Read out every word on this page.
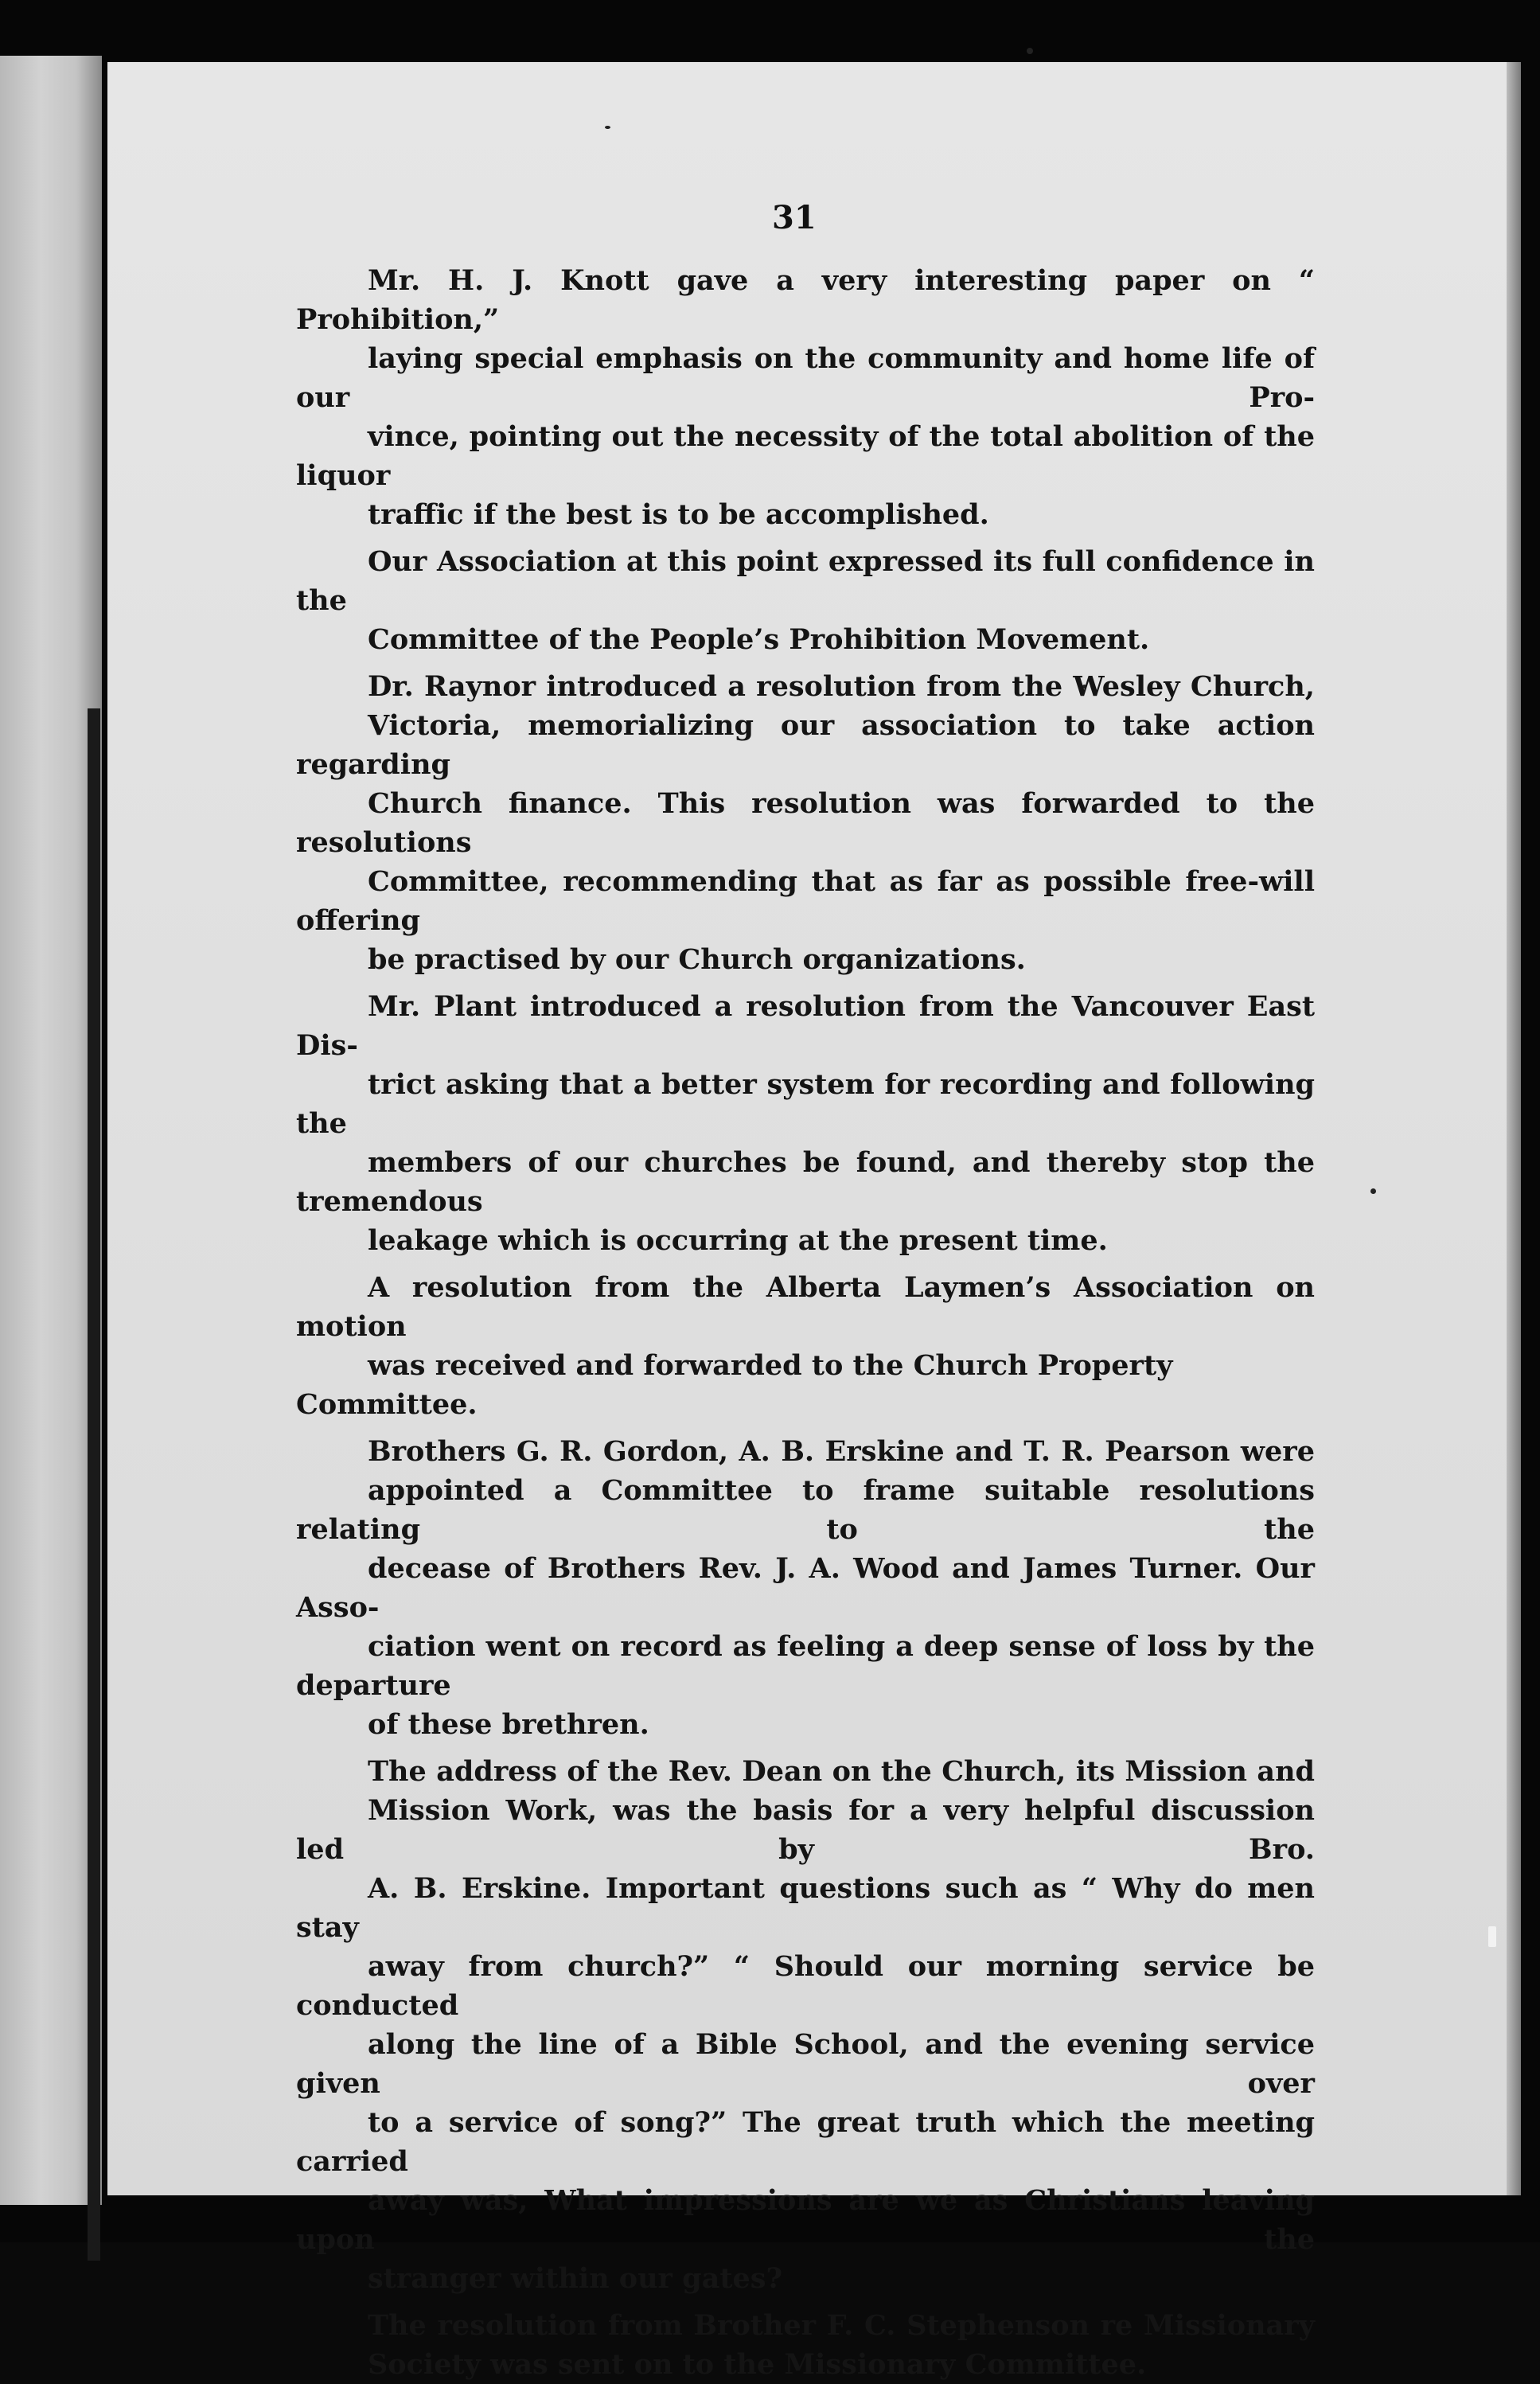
31
Mr. H. J. Knott gave a very interesting paper on “ Prohibition,”
laying special emphasis on the community and home life of our Pro-
vince, pointing out the necessity of the total abolition of the liquor
traffic if the best is to be accomplished.
Our Association at this point expressed its full confidence in the
Committee of the People’s Prohibition Movement.
Dr. Raynor introduced a resolution from the Wesley Church,
Victoria, memorializing our association to take action regarding
Church finance. This resolution was forwarded to the resolutions
Committee, recommending that as far as possible free-will offering
be practised by our Church organizations.
Mr. Plant introduced a resolution from the Vancouver East Dis-
trict asking that a better system for recording and following the
members of our churches be found, and thereby stop the tremendous
leakage which is occurring at the present time.
A resolution from the Alberta Laymen’s Association on motion
was received and forwarded to the Church Property Committee.
Brothers G. R. Gordon, A. B. Erskine and T. R. Pearson were
appointed a Committee to frame suitable resolutions relating to the
decease of Brothers Rev. J. A. Wood and James Turner. Our Asso-
ciation went on record as feeling a deep sense of loss by the departure
of these brethren.
The address of the Rev. Dean on the Church, its Mission and
Mission Work, was the basis for a very helpful discussion led by Bro.
A. B. Erskine. Important questions such as “ Why do men stay
away from church?” “ Should our morning service be conducted
along the line of a Bible School, and the evening service given over
to a service of song?” The great truth which the meeting carried
away was, What impressions are we as Christians leaving upon the
stranger within our gates?
The resolution from Brother F. C. Stephenson re Missionary
Society was sent on to the Missionary Committee.
